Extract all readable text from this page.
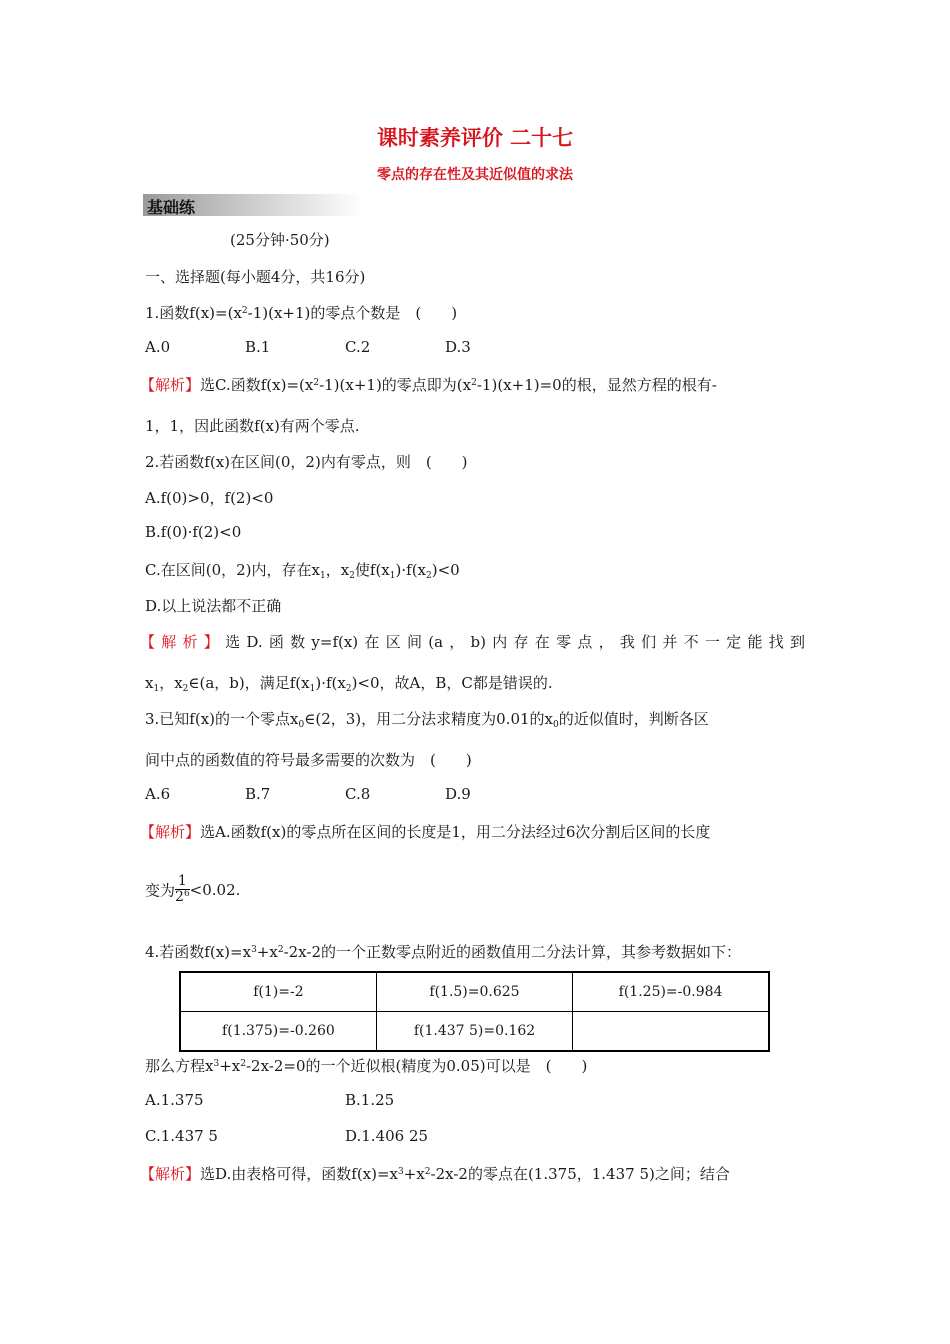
课时素养评价 二十七
零点的存在性及其近似值的求法
基础练
(25分钟·50分)
一、选择题(每小题4分，共16分)
1.函数$f(x)=(x^2-1)(x+1)$的零点个数是　(　　)
A.0	B.1	C.2	D.3
【解析】选C.函数$f(x)=(x^2-1)(x+1)$的零点即为$(x^2-1)(x+1)=0$的根，显然方程的根有-
1，1，因此函数f(x)有两个零点.
2.若函数f(x)在区间(0，2)内有零点，则　(　　)
A.f(0)>0，f(2)<0
B.f(0)·f(2)<0
C.在区间(0，2)内，存在$x_1$，$x_2$使$f(x_1)\cdot f(x_2)<0$
D.以上说法都不正确
【解析】选D.函数y=f(x)在区间(a，b)内存在零点，我们并不一定能找到
$x_1$，$x_2\in(a$，b)，满足$f(x_1)\cdot f(x_2)<0$，故A，B，C都是错误的.
3.已知f(x)的一个零点$x_0\in(2$，3)，用二分法求精度为0.01的$x_0$的近似值时，判断各区
间中点的函数值的符号最多需要的次数为　(　　)
A.6	B.7	C.8	D.9
【解析】选A.函数f(x)的零点所在区间的长度是1，用二分法经过6次分割后区间的长度
变为 $\frac{1}{2^6} <0.02$.
4.若函数$f(x)=x^3+x^2-2x-2$的一个正数零点附近的函数值用二分法计算，其参考数据如下：
f(1)=-2	f(1.5)=0.625	f(1.25)=-0.984
f(1.375)=-0.260	f(1.437 5)=0.162	
那么方程$x^3+x^2-2x-2=0$的一个近似根(精度为0.05)可以是　(　　)
A.1.375	B.1.25
C.1.437 5	D.1.406 25
【解析】选D.由表格可得，函数$f(x)=x^3+x^2-2x-2$的零点在(1.375，1.437 5)之间；结合
